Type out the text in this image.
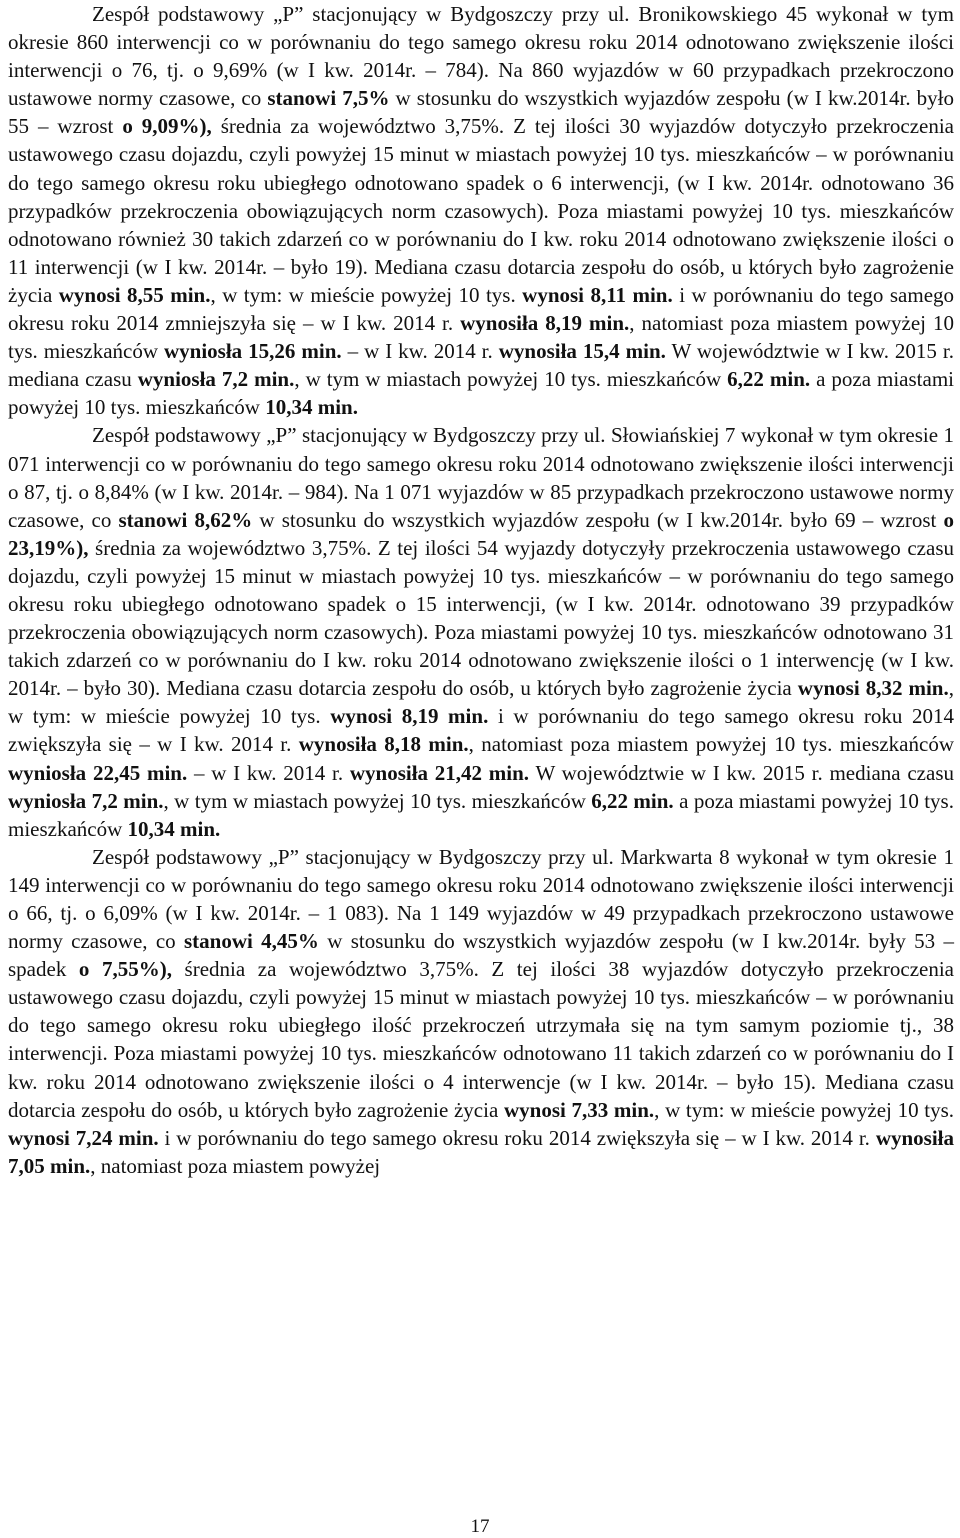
Zespół podstawowy „P” stacjonujący w Bydgoszczy przy ul. Bronikowskiego 45 wykonał w tym okresie 860 interwencji co w porównaniu do tego samego okresu roku 2014 odnotowano zwiększenie ilości interwencji o 76, tj. o 9,69% (w I kw. 2014r. – 784). Na 860 wyjazdów w 60 przypadkach przekroczono ustawowe normy czasowe, co stanowi 7,5% w stosunku do wszystkich wyjazdów zespołu (w I kw.2014r. było 55 – wzrost o 9,09%), średnia za województwo 3,75%. Z tej ilości 30 wyjazdów dotyczyło przekroczenia ustawowego czasu dojazdu, czyli powyżej 15 minut w miastach powyżej 10 tys. mieszkańców – w porównaniu do tego samego okresu roku ubiegłego odnotowano spadek o 6 interwencji, (w I kw. 2014r. odnotowano 36 przypadków przekroczenia obowiązujących norm czasowych). Poza miastami powyżej 10 tys. mieszkańców odnotowano również 30 takich zdarzeń co w porównaniu do I kw. roku 2014 odnotowano zwiększenie ilości o 11 interwencji (w I kw. 2014r. – było 19). Mediana czasu dotarcia zespołu do osób, u których było zagrożenie życia wynosi 8,55 min., w tym: w mieście powyżej 10 tys. wynosi 8,11 min. i w porównaniu do tego samego okresu roku 2014 zmniejszyła się – w I kw. 2014 r. wynosiła 8,19 min., natomiast poza miastem powyżej 10 tys. mieszkańców wyniosła 15,26 min. – w I kw. 2014 r. wynosiła 15,4 min. W województwie w I kw. 2015 r. mediana czasu wyniosła 7,2 min., w tym w miastach powyżej 10 tys. mieszkańców 6,22 min. a poza miastami powyżej 10 tys. mieszkańców 10,34 min.

Zespół podstawowy „P” stacjonujący w Bydgoszczy przy ul. Słowiańskiej 7 wykonał w tym okresie 1 071 interwencji co w porównaniu do tego samego okresu roku 2014 odnotowano zwiększenie ilości interwencji o 87, tj. o 8,84% (w I kw. 2014r. – 984). Na 1 071 wyjazdów w 85 przypadkach przekroczono ustawowe normy czasowe, co stanowi 8,62% w stosunku do wszystkich wyjazdów zespołu (w I kw.2014r. było 69 – wzrost o 23,19%), średnia za województwo 3,75%. Z tej ilości 54 wyjazdy dotyczyły przekroczenia ustawowego czasu dojazdu, czyli powyżej 15 minut w miastach powyżej 10 tys. mieszkańców – w porównaniu do tego samego okresu roku ubiegłego odnotowano spadek o 15 interwencji, (w I kw. 2014r. odnotowano 39 przypadków przekroczenia obowiązujących norm czasowych). Poza miastami powyżej 10 tys. mieszkańców odnotowano 31 takich zdarzeń co w porównaniu do I kw. roku 2014 odnotowano zwiększenie ilości o 1 interwencję (w I kw. 2014r. – było 30). Mediana czasu dotarcia zespołu do osób, u których było zagrożenie życia wynosi 8,32 min., w tym: w mieście powyżej 10 tys. wynosi 8,19 min. i w porównaniu do tego samego okresu roku 2014 zwiększyła się – w I kw. 2014 r. wynosiła 8,18 min., natomiast poza miastem powyżej 10 tys. mieszkańców wyniosła 22,45 min. – w I kw. 2014 r. wynosiła 21,42 min. W województwie w I kw. 2015 r. mediana czasu wyniosła 7,2 min., w tym w miastach powyżej 10 tys. mieszkańców 6,22 min. a poza miastami powyżej 10 tys. mieszkańców 10,34 min.

Zespół podstawowy „P” stacjonujący w Bydgoszczy przy ul. Markwarta 8 wykonał w tym okresie 1 149 interwencji co w porównaniu do tego samego okresu roku 2014 odnotowano zwiększenie ilości interwencji o 66, tj. o 6,09% (w I kw. 2014r. – 1 083). Na 1 149 wyjazdów w 49 przypadkach przekroczono ustawowe normy czasowe, co stanowi 4,45% w stosunku do wszystkich wyjazdów zespołu (w I kw.2014r. były 53 – spadek o 7,55%), średnia za województwo 3,75%. Z tej ilości 38 wyjazdów dotyczyło przekroczenia ustawowego czasu dojazdu, czyli powyżej 15 minut w miastach powyżej 10 tys. mieszkańców – w porównaniu do tego samego okresu roku ubiegłego ilość przekroczeń utrzymała się na tym samym poziomie tj., 38 interwencji. Poza miastami powyżej 10 tys. mieszkańców odnotowano 11 takich zdarzeń co w porównaniu do I kw. roku 2014 odnotowano zwiększenie ilości o 4 interwencje (w I kw. 2014r. – było 15). Mediana czasu dotarcia zespołu do osób, u których było zagrożenie życia wynosi 7,33 min., w tym: w mieście powyżej 10 tys. wynosi 7,24 min. i w porównaniu do tego samego okresu roku 2014 zwiększyła się – w I kw. 2014 r. wynosiła 7,05 min., natomiast poza miastem powyżej

17
